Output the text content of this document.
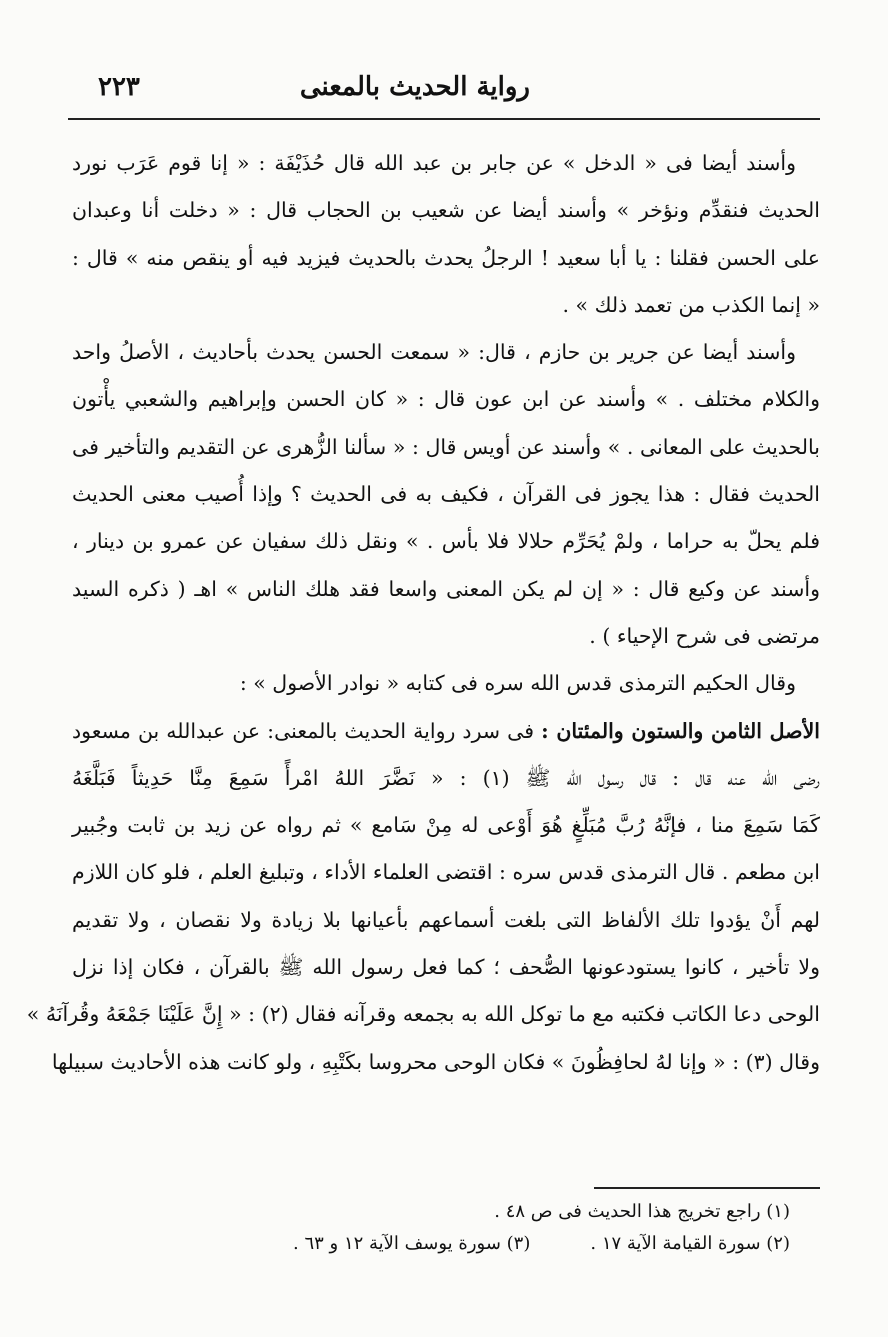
رواية الحديث بالمعنى
٢٢٣
وأسند أيضا فى « الدخل » عن جابر بن عبد الله قال حُذَيْفَة : « إنا قوم عَرَب نورد
الحديث فنقدِّم ونؤخر » وأسند أيضا عن شعيب بن الحجاب قال : « دخلت أنا وعبدان
على الحسن فقلنا : يا أبا سعيد ! الرجلُ يحدث بالحديث فيزيد فيه أو ينقص منه » قال :
« إنما الكذب من تعمد ذلك » .
وأسند أيضا عن جرير بن حازم ، قال: « سمعت الحسن يحدث بأحاديث ، الأصلُ واحد
والكلام مختلف . » وأسند عن ابن عون قال : « كان الحسن وإبراهيم والشعبي يأْتون
بالحديث على المعانى . » وأسند عن أويس قال : « سألنا الزُّهرى عن التقديم والتأخير فى
الحديث فقال : هذا يجوز فى القرآن ، فكيف به فى الحديث ؟ وإذا أُصيب معنى الحديث
فلم يحلّ به حراما ، ولمْ يُحَرِّم حلالا فلا بأس . » ونقل ذلك سفيان عن عمرو بن دينار ،
وأسند عن وكيع قال : « إن لم يكن المعنى واسعا فقد هلك الناس » اهـ ( ذكره السيد
مرتضى فى شرح الإحياء ) .
وقال الحكيم الترمذى قدس الله سره فى كتابه « نوادر الأصول » :
الأصل الثامن والستون والمئتان : فى سرد رواية الحديث بالمعنى: عن عبدالله بن مسعود
رضى الله عنه قال : قال رسول الله ﷺ (١) : « نَضَّرَ اللهُ امْرأً سَمِعَ مِنَّا حَدِيثاً فَبَلَّغَهُ
كَمَا سَمِعَ منا ، فإنَّهُ رُبَّ مُبَلِّغٍ هُوَ أَوْعى له مِنْ سَامع » ثم رواه عن زيد بن ثابت وجُبير
ابن مطعم . قال الترمذى قدس سره : اقتضى العلماء الأداء ، وتبليغ العلم ، فلو كان اللازم
لهم أَنْ يؤدوا تلك الألفاظ التى بلغت أسماعهم بأعيانها بلا زيادة ولا نقصان ، ولا تقديم
ولا تأخير ، كانوا يستودعونها الصُّحف ؛ كما فعل رسول الله ﷺ بالقرآن ، فكان إذا نزل
الوحى دعا الكاتب فكتبه مع ما توكل الله به بجمعه وقرآنه فقال (٢) : « إِنَّ عَلَيْنَا جَمْعَهُ وقُرآنَهُ »
وقال (٣) : « وإنا لهُ لحافِظُونَ » فكان الوحى محروسا بكَتْبِهِ ، ولو كانت هذه الأحاديث سبيلها
(١) راجع تخريج هذا الحديث فى ص ٤٨ .
(٢) سورة القيامة الآية ١٧ .
(٣) سورة يوسف الآية ١٢ و ٦٣ .
